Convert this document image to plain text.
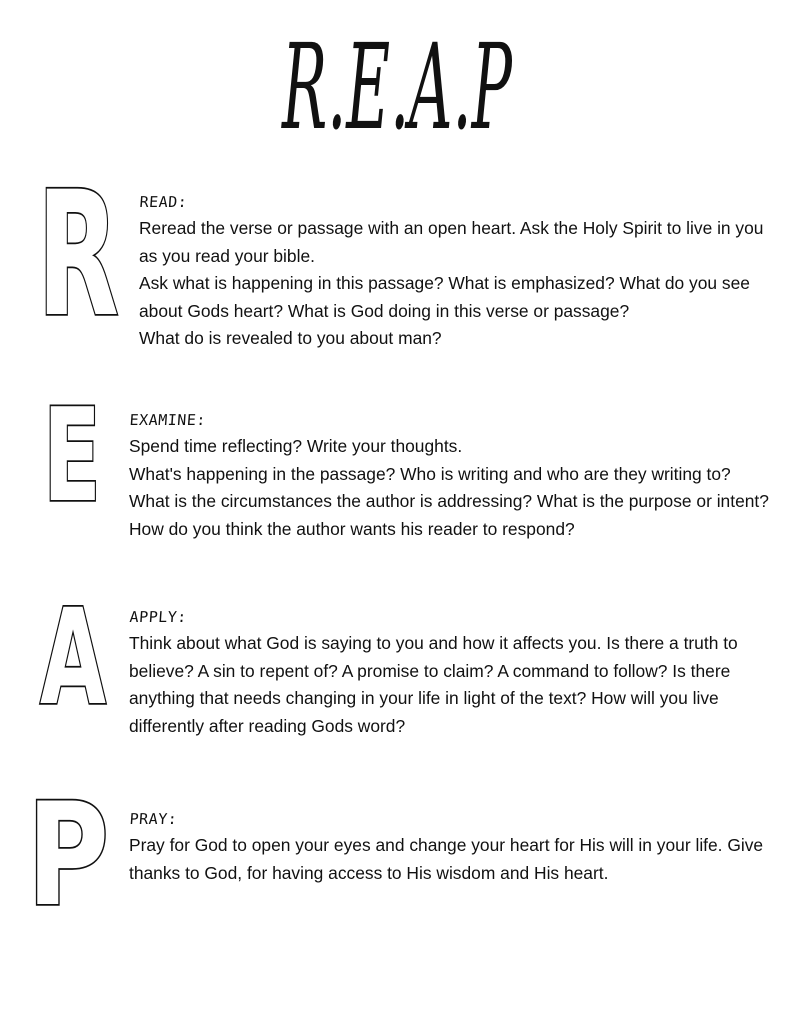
R.E.A.P
R READ:

Reread the verse or passage with an open heart. Ask the Holy Spirit to live in you as you read your bible.

Ask what is happening in this passage? What is emphasized? What do you see about Gods heart? What is God doing in this verse or passage?

What do is revealed to you about man?

E EXAMINE:

Spend time reflecting? Write your thoughts.

What's happening in the passage? Who is writing and who are they writing to? What is the circumstances the author is addressing? What is the purpose or intent? How do you think the author wants his reader to respond?

A APPLY:

Think about what God is saying to you and how it affects you. Is there a truth to believe? A sin to repent of? A promise to claim? A command to follow? Is there anything that needs changing in your life in light of the text? How will you live differently after reading Gods word?

P PRAY:

Pray for God to open your eyes and change your heart for His will in your life. Give thanks to God, for having access to His wisdom and His heart.
